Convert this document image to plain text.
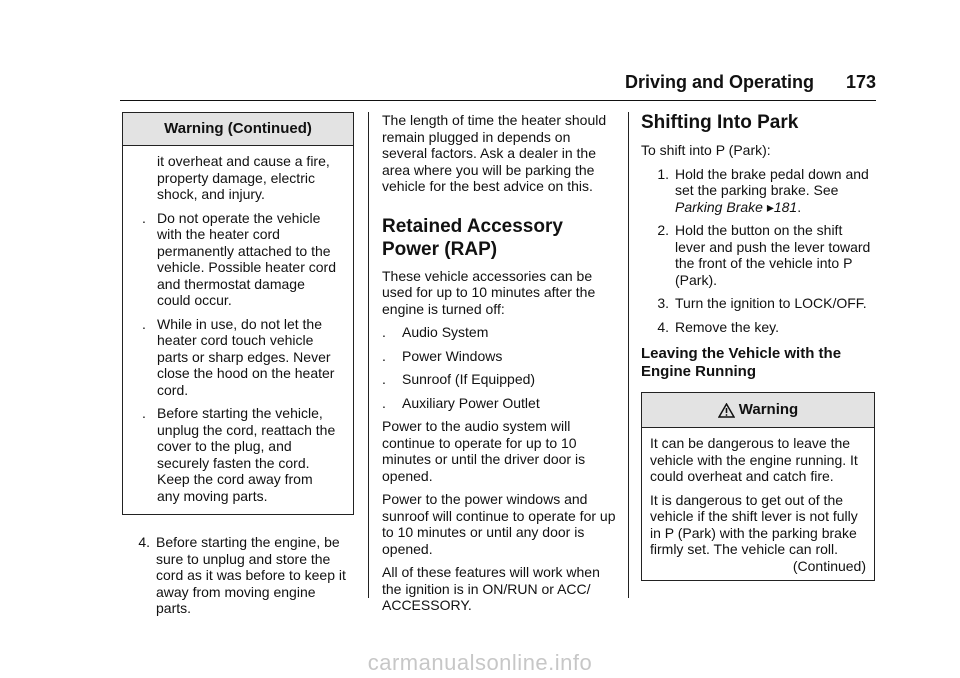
Driving and Operating 173
Warning (Continued)
it overheat and cause a fire, property damage, electric shock, and injury.
. Do not operate the vehicle with the heater cord permanently attached to the vehicle. Possible heater cord and thermostat damage could occur.
. While in use, do not let the heater cord touch vehicle parts or sharp edges. Never close the hood on the heater cord.
. Before starting the vehicle, unplug the cord, reattach the cover to the plug, and securely fasten the cord. Keep the cord away from any moving parts.
4. Before starting the engine, be sure to unplug and store the cord as it was before to keep it away from moving engine parts.

The length of time the heater should remain plugged in depends on several factors. Ask a dealer in the area where you will be parking the vehicle for the best advice on this.

Retained Accessory Power (RAP)

These vehicle accessories can be used for up to 10 minutes after the engine is turned off:

.	Audio System
.	Power Windows
.	Sunroof (If Equipped)
.	Auxiliary Power Outlet

Power to the audio system will continue to operate for up to 10 minutes or until the driver door is opened.

Power to the power windows and sunroof will continue to operate for up to 10 minutes or until any door is opened.

All of these features will work when the ignition is in ON/RUN or ACC/ ACCESSORY.

Shifting Into Park

To shift into P (Park):

1. Hold the brake pedal down and set the parking brake. See
Parking Brake ▸181.
2. Hold the button on the shift lever and push the lever toward the front of the vehicle into P (Park).
3. Turn the ignition to LOCK/OFF.
4. Remove the key.
Leaving the Vehicle with the Engine Running
Warning

It can be dangerous to leave the vehicle with the engine running. It could overheat and catch fire.

It is dangerous to get out of the vehicle if the shift lever is not fully in P (Park) with the parking brake firmly set. The vehicle can roll.

(Continued)
carmanualsonline.info
